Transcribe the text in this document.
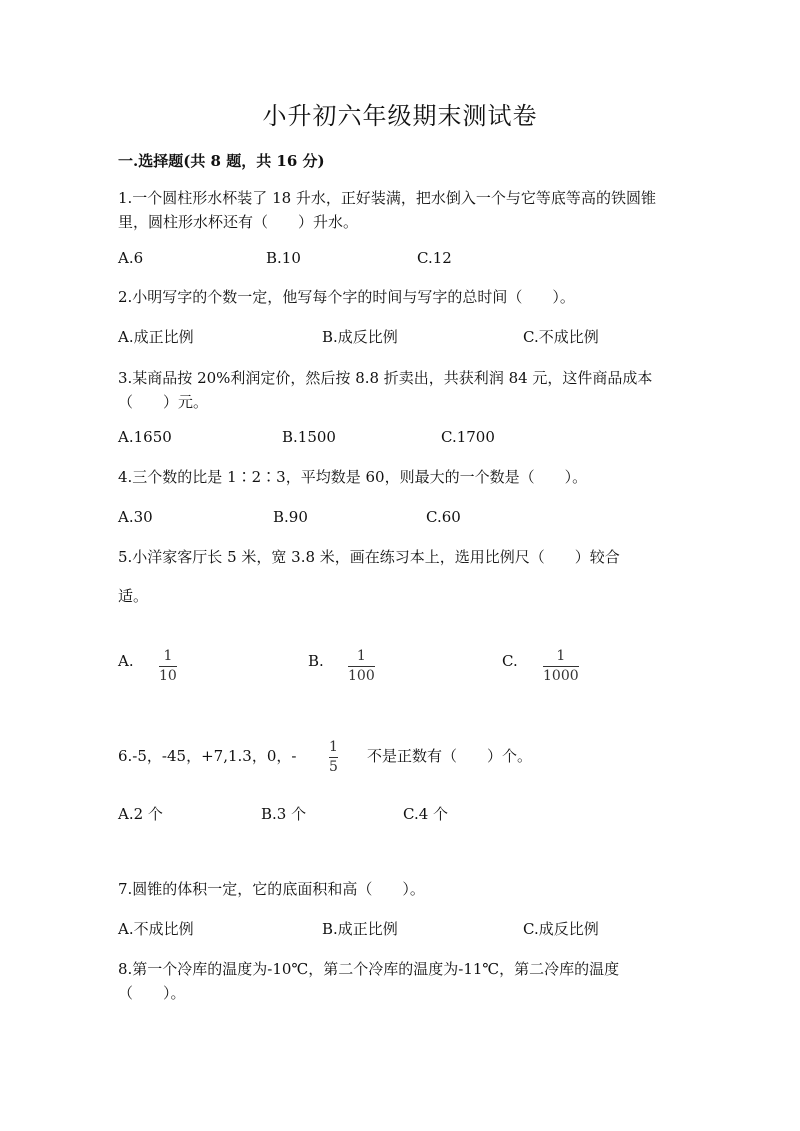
小升初六年级期末测试卷
一.选择题(共 8 题，共 16 分)
1.一个圆柱形水杯装了 18 升水，正好装满，把水倒入一个与它等底等高的铁圆锥里，圆柱形水杯还有（　　）升水。
A.6	B.10	C.12
2.小明写字的个数一定，他写每个字的时间与写字的总时间（　　）。
A.成正比例	B.成反比例	C.不成比例
3.某商品按 20%利润定价，然后按 8.8 折卖出，共获利润 84 元，这件商品成本（　　）元。
A.1650	B.1500	C.1700
4.三个数的比是 1∶2∶3，平均数是 60，则最大的一个数是（　　）。
A.30	B.90	C.60
5.小洋家客厅长 5 米，宽 3.8 米，画在练习本上，选用比例尺（　　）较合
适。
A. 1
10
B. 1
100
C.	1
1000
6.-5，-45，+7,1.3，0，- 1
5
不是正数有（　　）个。
A.2 个	B.3 个	C.4 个
7.圆锥的体积一定，它的底面积和高（　　）。
A.不成比例	B.成正比例	C.成反比例
8.第一个冷库的温度为-10℃，第二个冷库的温度为-11℃，第二冷库的温度（　　）。
